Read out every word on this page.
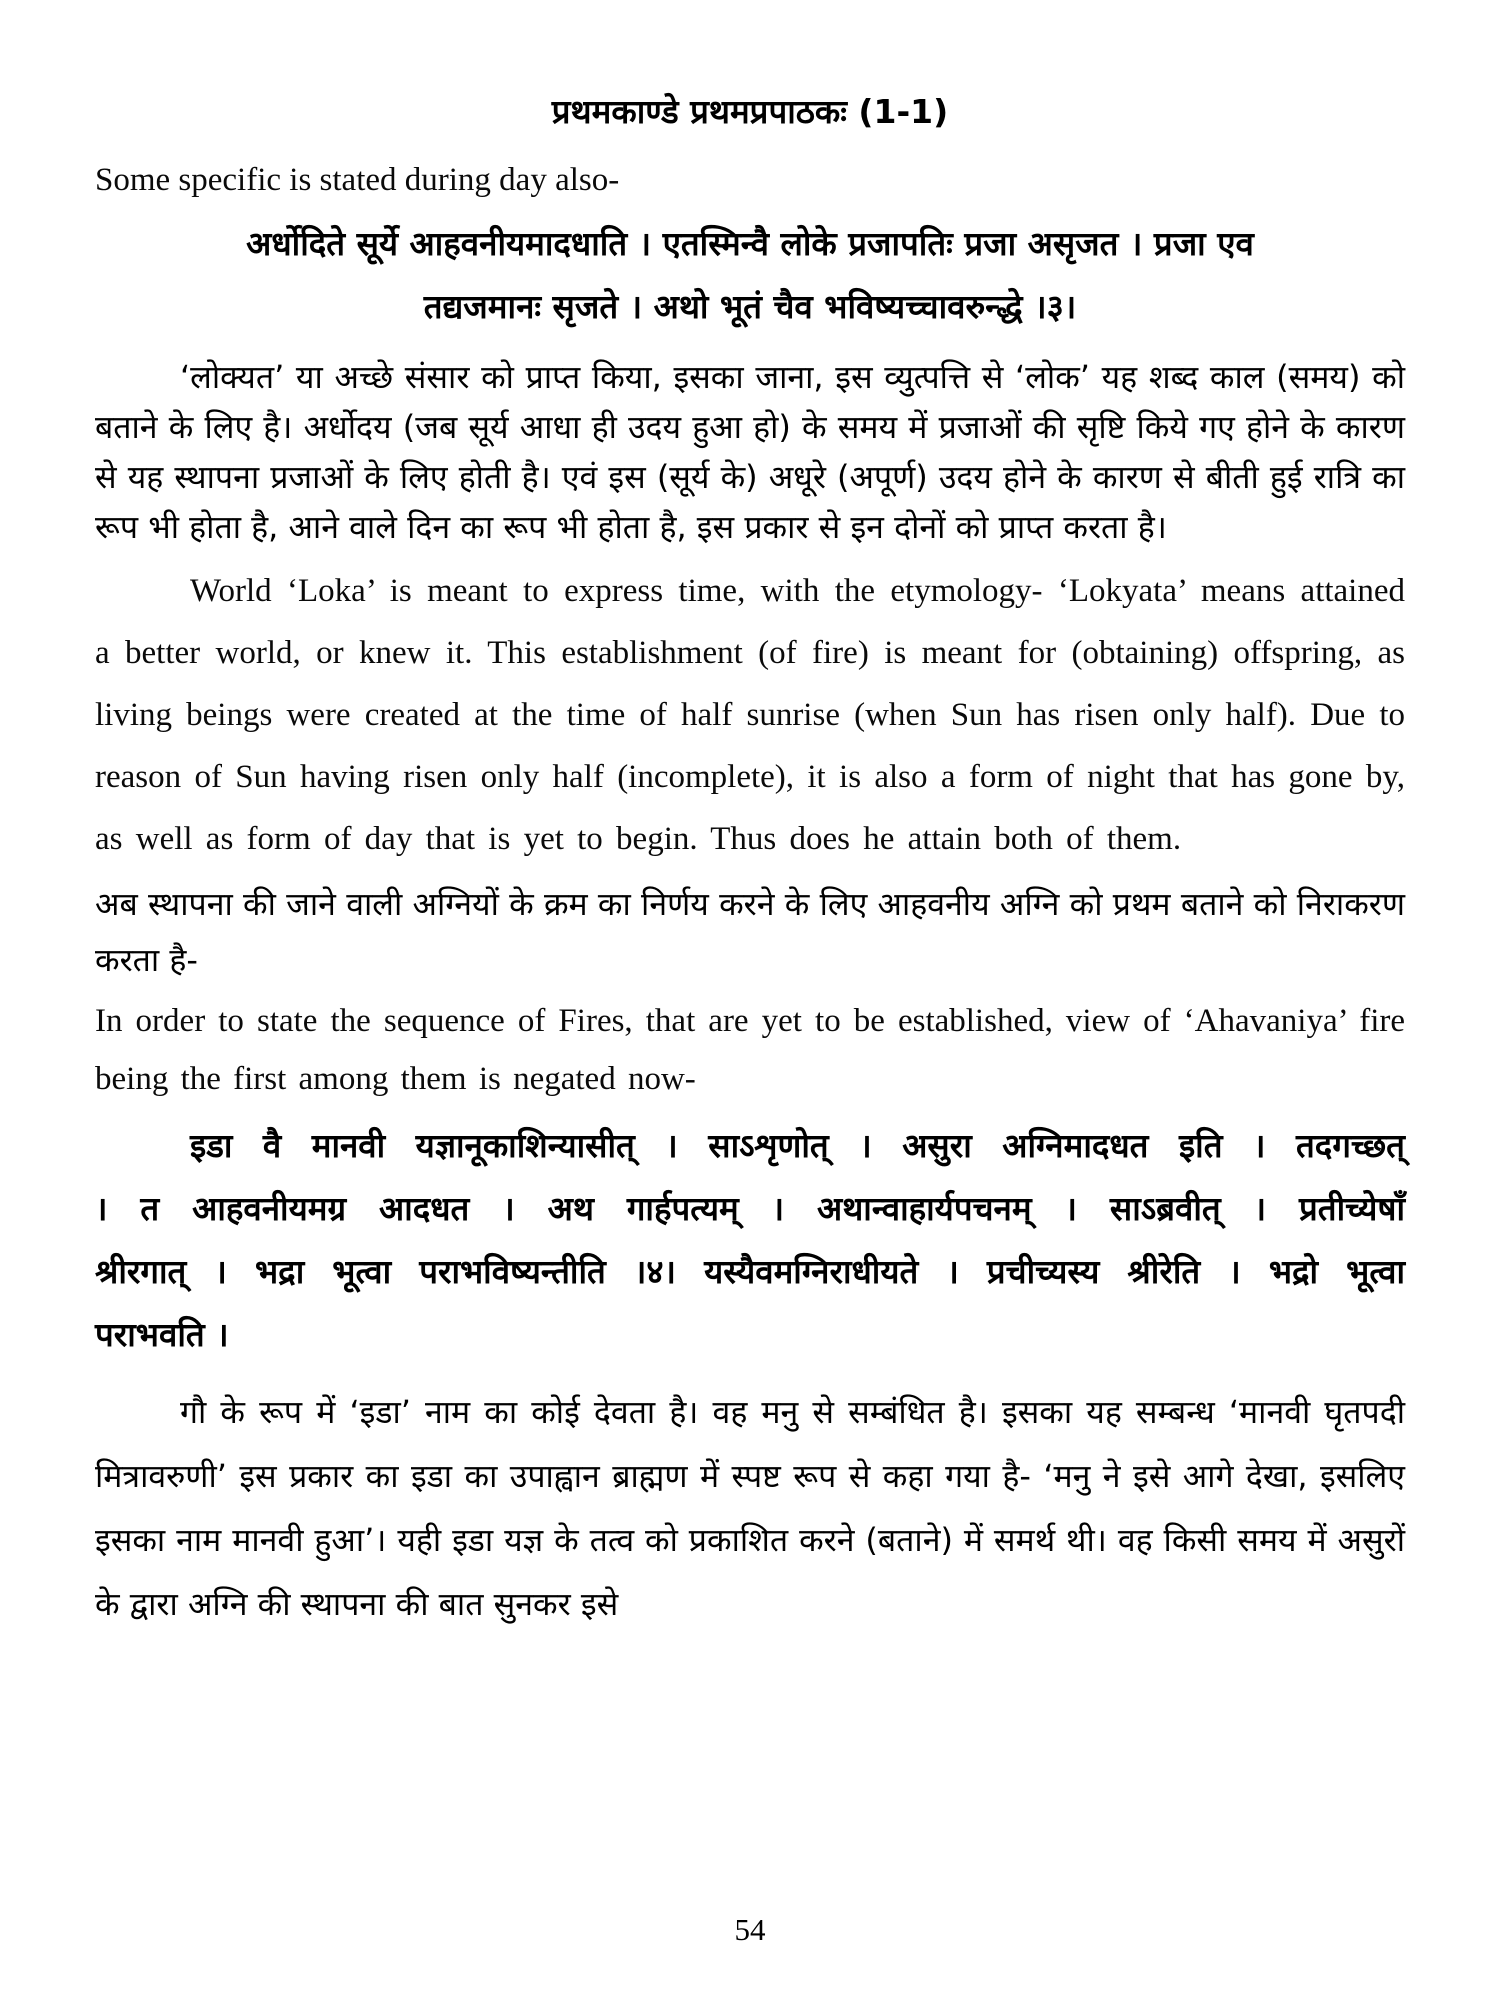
प्रथमकाण्डे प्रथमप्रपाठकः (1-1)
Some specific is stated during day also-
अर्धोदिते सूर्ये आहवनीयमादधाति । एतस्मिन्वै लोके प्रजापतिः प्रजा असृजत । प्रजा एव
तद्यजमानः सृजते । अथो भूतं चैव भविष्यच्चावरुन्द्धे ।३।
‘लोक्यत’ या अच्छे संसार को प्राप्त किया, इसका जाना, इस व्युत्पत्ति से ‘लोक’ यह शब्द काल (समय) को बताने के लिए है। अर्धोदय (जब सूर्य आधा ही उदय हुआ हो) के समय में प्रजाओं की सृष्टि किये गए होने के कारण से यह स्थापना प्रजाओं के लिए होती है। एवं इस (सूर्य के) अधूरे (अपूर्ण) उदय होने के कारण से बीती हुई रात्रि का रूप भी होता है, आने वाले दिन का रूप भी होता है, इस प्रकार से इन दोनों को प्राप्त करता है।
World ‘Loka’ is meant to express time, with the etymology- ‘Lokyata’ means attained a better world, or knew it. This establishment (of fire) is meant for (obtaining) offspring, as living beings were created at the time of half sunrise (when Sun has risen only half). Due to reason of Sun having risen only half (incomplete), it is also a form of night that has gone by, as well as form of day that is yet to begin. Thus does he attain both of them.
अब स्थापना की जाने वाली अग्नियों के क्रम का निर्णय करने के लिए आहवनीय अग्नि को प्रथम बताने को निराकरण करता है-
In order to state the sequence of Fires, that are yet to be established, view of ‘Ahavaniya’ fire being the first among them is negated now-
इडा वै मानवी यज्ञानूकाशिन्यासीत् । साऽशृणोत् । असुरा अग्निमादधत इति । तदगच्छत्
। त आहवनीयमग्र आदधत । अथ गार्हपत्यम् । अथान्वाहार्यपचनम् । साऽब्रवीत् । प्रतीच्येषाँ
श्रीरगात् । भद्रा भूत्वा पराभविष्यन्तीति ।४। यस्यैवमग्निराधीयते । प्रचीच्यस्य श्रीरेति । भद्रो भूत्वा
पराभवति ।
गौ के रूप में ‘इडा’ नाम का कोई देवता है। वह मनु से सम्बंधित है। इसका यह सम्बन्ध ‘मानवी घृतपदी मित्रावरुणी’ इस प्रकार का इडा का उपाह्वान ब्राह्मण में स्पष्ट रूप से कहा गया है- ‘मनु ने इसे आगे देखा, इसलिए इसका नाम मानवी हुआ’। यही इडा यज्ञ के तत्व को प्रकाशित करने (बताने) में समर्थ थी। वह किसी समय में असुरों के द्वारा अग्नि की स्थापना की बात सुनकर इसे
54
